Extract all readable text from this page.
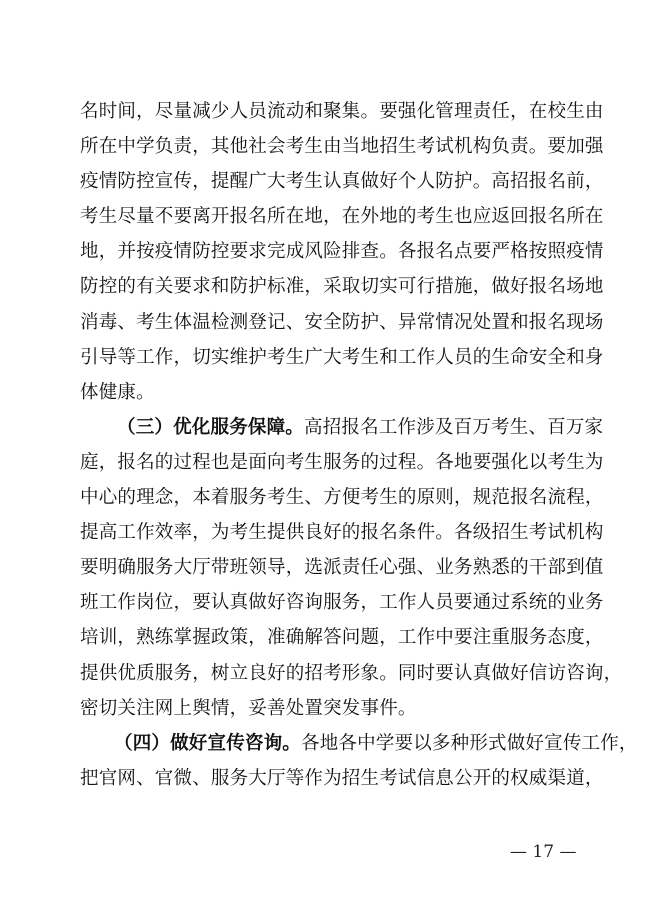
名时间，尽量减少人员流动和聚集。要强化管理责任，在校生由
所在中学负责，其他社会考生由当地招生考试机构负责。要加强
疫情防控宣传，提醒广大考生认真做好个人防护。高招报名前，
考生尽量不要离开报名所在地，在外地的考生也应返回报名所在
地，并按疫情防控要求完成风险排查。各报名点要严格按照疫情
防控的有关要求和防护标准，采取切实可行措施，做好报名场地
消毒、考生体温检测登记、安全防护、异常情况处置和报名现场
引导等工作，切实维护考生广大考生和工作人员的生命安全和身
体健康。
（三）优化服务保障。高招报名工作涉及百万考生、百万家
庭，报名的过程也是面向考生服务的过程。各地要强化以考生为
中心的理念，本着服务考生、方便考生的原则，规范报名流程，
提高工作效率，为考生提供良好的报名条件。各级招生考试机构
要明确服务大厅带班领导，选派责任心强、业务熟悉的干部到值
班工作岗位，要认真做好咨询服务，工作人员要通过系统的业务
培训，熟练掌握政策，准确解答问题，工作中要注重服务态度，
提供优质服务，树立良好的招考形象。同时要认真做好信访咨询，
密切关注网上舆情，妥善处置突发事件。
（四）做好宣传咨询。各地各中学要以多种形式做好宣传工作，
把官网、官微、服务大厅等作为招生考试信息公开的权威渠道，
— 17 —
